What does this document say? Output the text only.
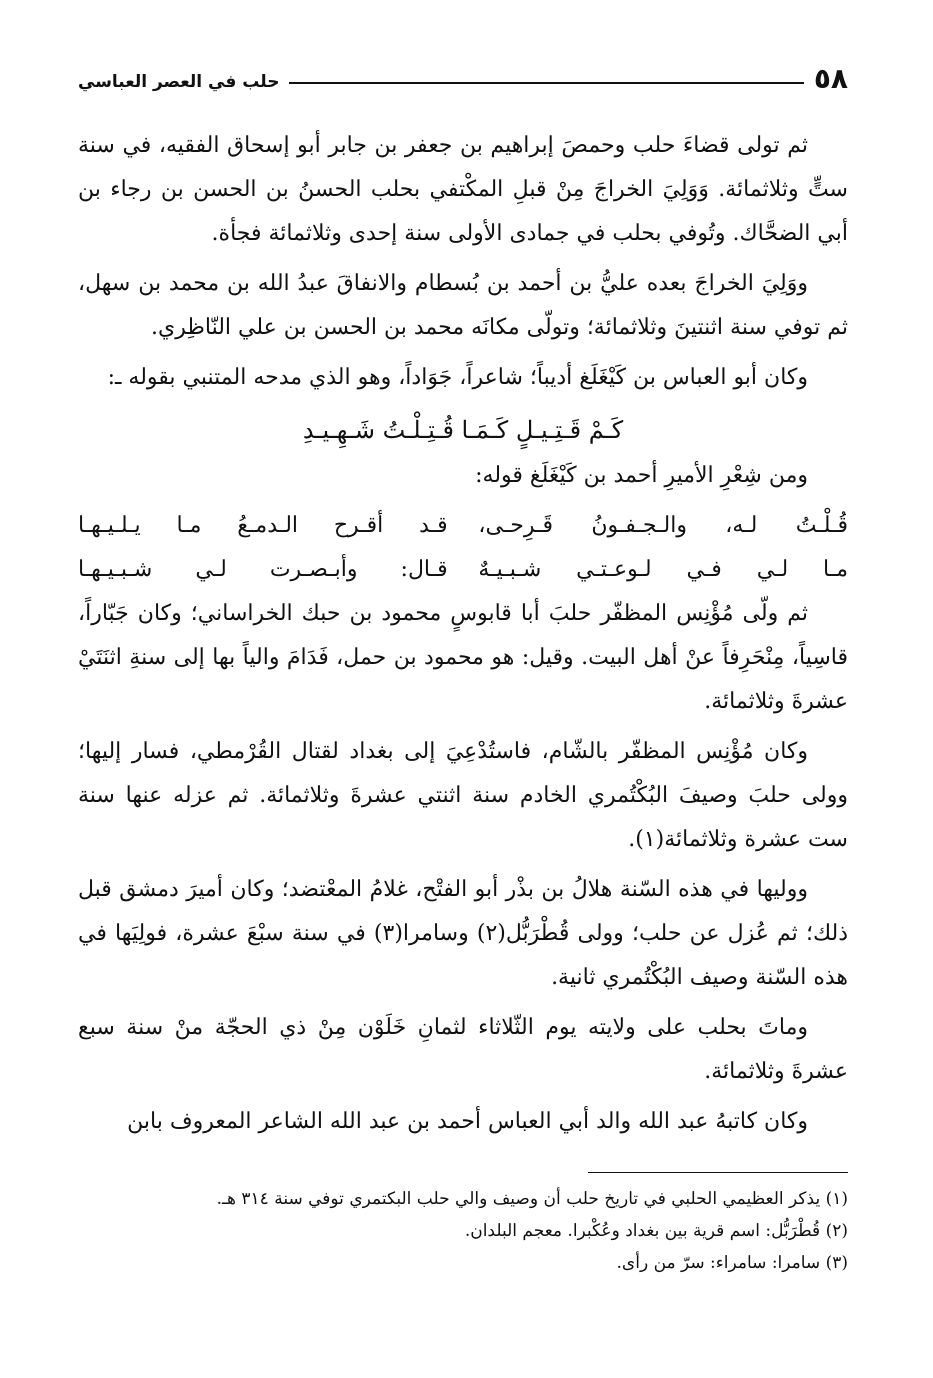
٥٨
حلب في العصر العباسي

ثم تولى قضاءَ حلب وحمصَ إبراهيم بن جعفر بن جابر أبو إسحاق الفقيه، في سنة ستٍّ وثلاثمائة. وَوَلِيَ الخراجَ مِنْ قبلِ المكْتفي بحلب الحسنُ بن الحسن بن رجاء بن أبي الضحَّاك. وتُوفي بحلب في جمادى الأولى سنة إحدى وثلاثمائة فجأة.

ووَلِيَ الخراجَ بعده عليُّ بن أحمد بن بُسطام والانفاقَ عبدُ الله بن محمد بن سهل، ثم توفي سنة اثنتينَ وثلاثمائة؛ وتولّى مكانَه محمد بن الحسن بن علي النّاظِري.

وكان أبو العباس بن كَيْغَلَغ أديباً؛ شاعراً، جَوَاداً، وهو الذي مدحه المتنبي بقوله ـ:

كَـمْ قَـتِـيـلٍ كَـمَـا قُـتِـلْـتُ شَـهِـيـدِ

ومن شِعْرِ الأميرِ أحمد بن كَيْغَلَغ قوله:

قُـلْـتُ لـه، والـجـفـونُ قَـرِحـى،
قـد أقـرح الـدمـعُ مـا يـلـيـهـا
مـا لـي فـي لـوعـتـي شـبـيـهٌ
قـال: وأبـصـرت لـي شـبـيـهـا

ثم ولّى مُؤْنِس المظفّر حلبَ أبا قابوسٍ محمود بن حبك الخراساني؛ وكان جَبّاراً، قاسِياً، مِنْحَرِفاً عنْ أهل البيت. وقيل: هو محمود بن حمل، فَدَامَ والياً بها إلى سنةِ اثنَتَيْ عشرةَ وثلاثمائة.

وكان مُؤْنِس المظفّر بالشّام، فاستُدْعِيَ إلى بغداد لقتال القُرْمطي، فسار إليها؛ وولى حلبَ وصيفَ البُكْتُمري الخادم سنة اثنتي عشرةَ وثلاثمائة. ثم عزله عنها سنة ست عشرة وثلاثمائة(١).

ووليها في هذه السّنة هلالُ بن بذْر أبو الفتْح، غلامُ المعْتضد؛ وكان أميرَ دمشق قبل ذلك؛ ثم عُزل عن حلب؛ وولى قُطْرَبُّل(٢) وسامرا(٣) في سنة سبْعَ عشرة، فولِيَها في هذه السّنة وصيف البُكْتُمري ثانية.

وماتَ بحلب على ولايته يوم الثّلاثاء لثمانِ خَلَوْن مِنْ ذي الحجّة منْ سنة سبع عشرةَ وثلاثمائة.

وكان كاتبهُ عبد الله والد أبي العباس أحمد بن عبد الله الشاعر المعروف بابن

(١) يذكر العظيمي الحلبي في تاريخ حلب أن وصيف والي حلب البكتمري توفي سنة ٣١٤ هـ.

(٢) قُطْرَبُّل: اسم قرية بين بغداد وعُكْبرا. معجم البلدان.

(٣) سامرا: سامراء: سرّ من رأى.
